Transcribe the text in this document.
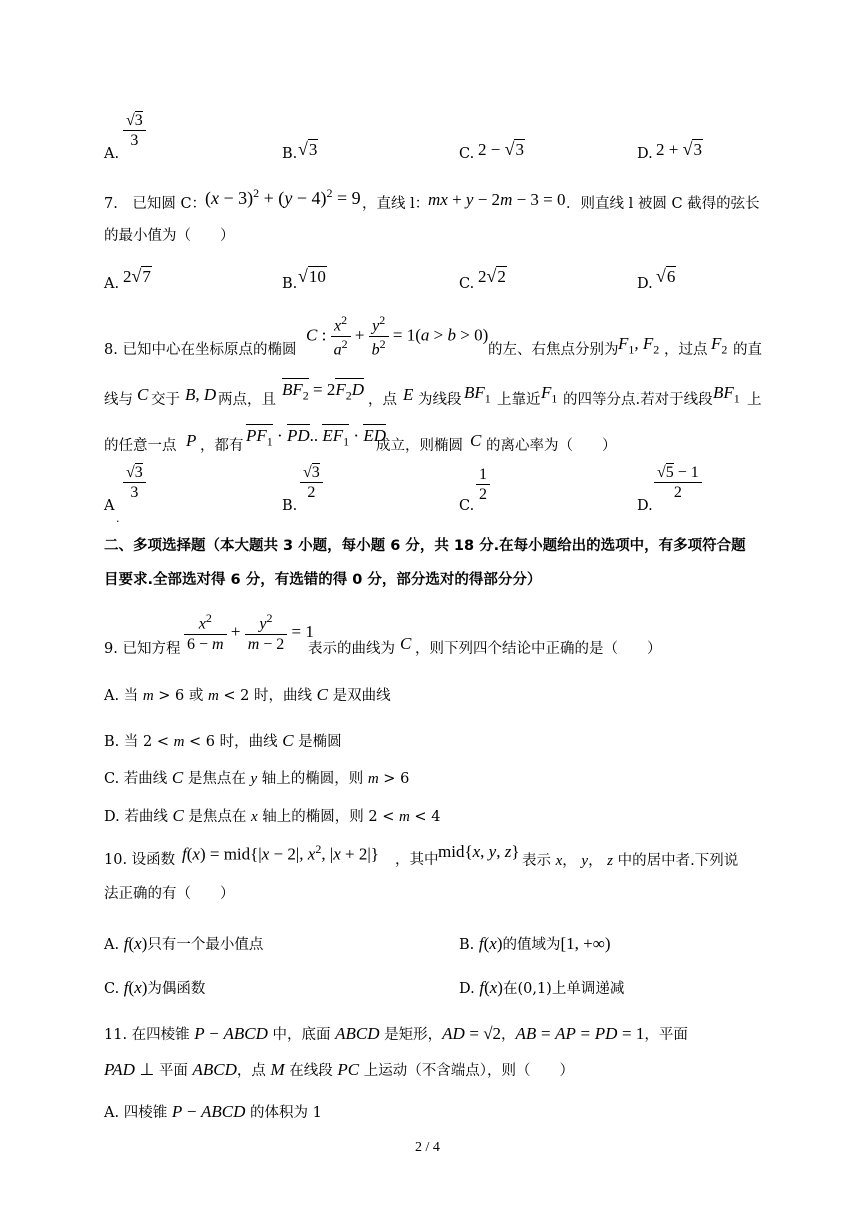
A.
$\frac{√3}{3}$
B. √3	C. 2 − √3	D. 2 + √3
7.　已知圆 C：
$(x - 3)^2 + (y - 4)^2 = 9$ ，直线 l：
mx + y − 2m − 3 = 0 ．则直线 l 被圆 C 截得的弦长
的最小值为（　　）
A. 2√7	B. √10	C. 2√2	D. √6
8. 已知中心在坐标原点的椭圆
C : $\frac{x^2}{a^2} + \frac{y^2}{b^2} = 1(a > b > 0)$
的左、右焦点分别为 $F_1$, $F_2$ ，过点 $F_2$ 的直
线与 C 交于 B, D 两点，且
$BF_2 = 2F_2D$
，点 E 为线段 $BF_1$ 上靠近 $F_1$ 的四等分点.若对于线段 $BF_1$ 上
的任意一点 P ，都有
$PF_1$ · PD.. $EF_1$ · ED
成立，则椭圆 C 的离心率为（　　）
A
.
$\frac{√3}{3}$
B.
$\frac{√3}{2}$
C.
$\frac{1}{2}$
D.
$\frac{√5 - 1}{2}$
二、多项选择题（本大题共 3 小题，每小题 6 分，共 18 分.在每小题给出的选项中，有多项符合题
目要求.全部选对得 6 分，有选错的得 0 分，部分选对的得部分分）
9. 已知方程 $\frac{x^2}{6 - m} + \frac{y^2}{m - 2} = 1$
表示的曲线为 C ，则下列四个结论中正确的是（　　）
A. 当 m > 6 或 m < 2 时，曲线 C 是双曲线
B. 当 2 < m < 6 时，曲线 C 是椭圆
C. 若曲线 C 是焦点在 y 轴上的椭圆，则 m > 6
D. 若曲线 C 是焦点在 x 轴上的椭圆，则 2 < m < 4
10. 设函数 f(x) = mid{|x − 2|, $x^2$, |x + 2|} ，其中 mid{x, y, z} 表示 x， y， z 中的居中者.下列说
法正确的有（　　）
A. f(x)只有一个最小值点	B. f(x)的值域为[1, +∞)
C. f(x)为偶函数	D. f(x)在(0,1)上单调递减
11. 在四棱锥 P − ABCD 中，底面 ABCD 是矩形，AD = √2，AB = AP = PD = 1，平面
PAD ⊥ 平面 ABCD，点 M 在线段 PC 上运动（不含端点），则（　　）
A. 四棱锥 P − ABCD 的体积为 1
2 / 4
